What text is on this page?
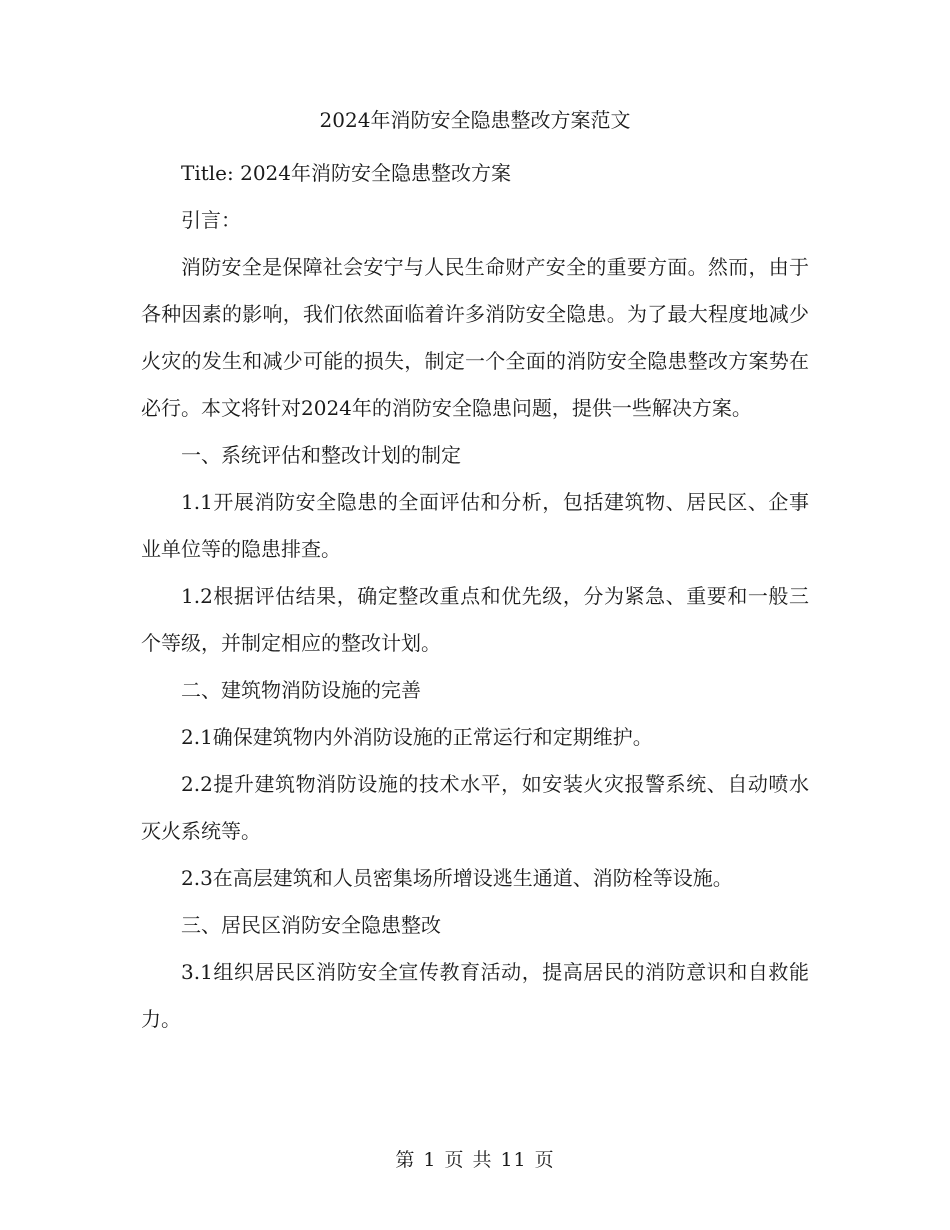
2024年消防安全隐患整改方案范文

Title: 2024年消防安全隐患整改方案

引言：

消防安全是保障社会安宁与人民生命财产安全的重要方面。然而，由于各种因素的影响，我们依然面临着许多消防安全隐患。为了最大程度地减少火灾的发生和减少可能的损失，制定一个全面的消防安全隐患整改方案势在必行。本文将针对2024年的消防安全隐患问题，提供一些解决方案。

一、系统评估和整改计划的制定

1.1开展消防安全隐患的全面评估和分析，包括建筑物、居民区、企事业单位等的隐患排查。

1.2根据评估结果，确定整改重点和优先级，分为紧急、重要和一般三个等级，并制定相应的整改计划。

二、建筑物消防设施的完善

2.1确保建筑物内外消防设施的正常运行和定期维护。

2.2提升建筑物消防设施的技术水平，如安装火灾报警系统、自动喷水灭火系统等。

2.3在高层建筑和人员密集场所增设逃生通道、消防栓等设施。

三、居民区消防安全隐患整改

3.1组织居民区消防安全宣传教育活动，提高居民的消防意识和自救能力。

第 1 页 共 11 页
